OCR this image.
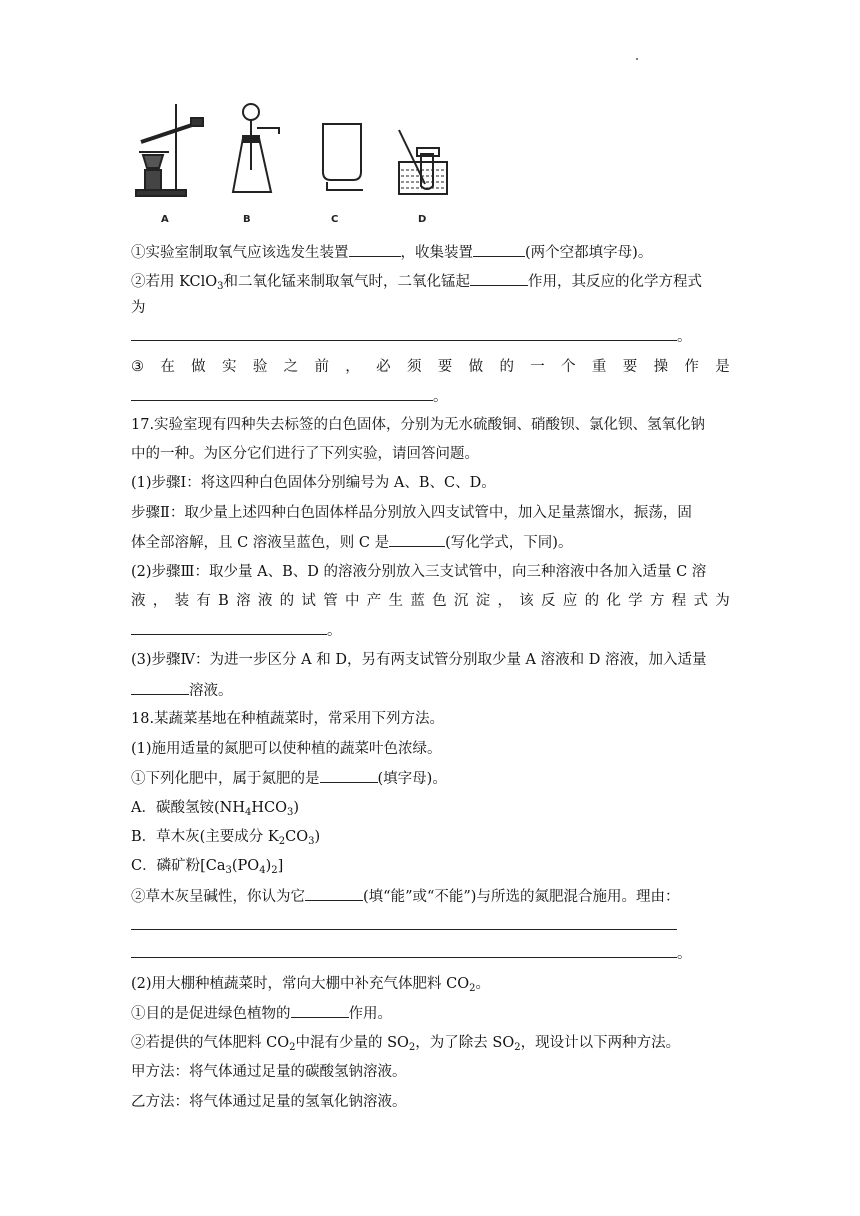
A	B	C	D
①实验室制取氧气应该选发生装置	，收集装置	(两个空都填字母)。
②若用 KClO$_3$和二氧化锰来制取氧气时，二氧化锰起	作用，其反应的化学方程式
为
。
③ 在 做 实 验 之 前 ， 必 须 要 做 的 一 个 重 要 操 作 是
。
17.实验室现有四种失去标签的白色固体，分别为无水硫酸铜、硝酸钡、氯化钡、氢氧化钠
中的一种。为区分它们进行了下列实验，请回答问题。
(1)步骤Ⅰ：将这四种白色固体分别编号为 A、B、C、D。
步骤Ⅱ：取少量上述四种白色固体样品分别放入四支试管中，加入足量蒸馏水，振荡，固
体全部溶解，且 C 溶液呈蓝色，则 C 是	(写化学式，下同)。
(2)步骤Ⅲ：取少量 A、B、D 的溶液分别放入三支试管中，向三种溶液中各加入适量 C 溶
液 ， 装 有 B 溶 液 的 试 管 中 产 生 蓝 色 沉 淀 ， 该 反 应 的 化 学 方 程 式 为
。
(3)步骤Ⅳ：为进一步区分 A 和 D，另有两支试管分别取少量 A 溶液和 D 溶液，加入适量
溶液。
18.某蔬菜基地在种植蔬菜时，常采用下列方法。
(1)施用适量的氮肥可以使种植的蔬菜叶色浓绿。
①下列化肥中，属于氮肥的是	(填字母)。
A．碳酸氢铵$(NH_4HCO_3)$
B．草木灰(主要成分 $K_2CO_3$)
C．磷矿粉$[Ca_3(PO_4)_2]$
②草木灰呈碱性，你认为它	(填“能”或“不能”)与所选的氮肥混合施用。理由：
。
(2)用大棚种植蔬菜时，常向大棚中补充气体肥料 $CO_2$。
①目的是促进绿色植物的	作用。
②若提供的气体肥料 $CO_2$中混有少量的 $SO_2$，为了除去 $SO_2$，现设计以下两种方法。
甲方法：将气体通过足量的碳酸氢钠溶液。
乙方法：将气体通过足量的氢氧化钠溶液。
